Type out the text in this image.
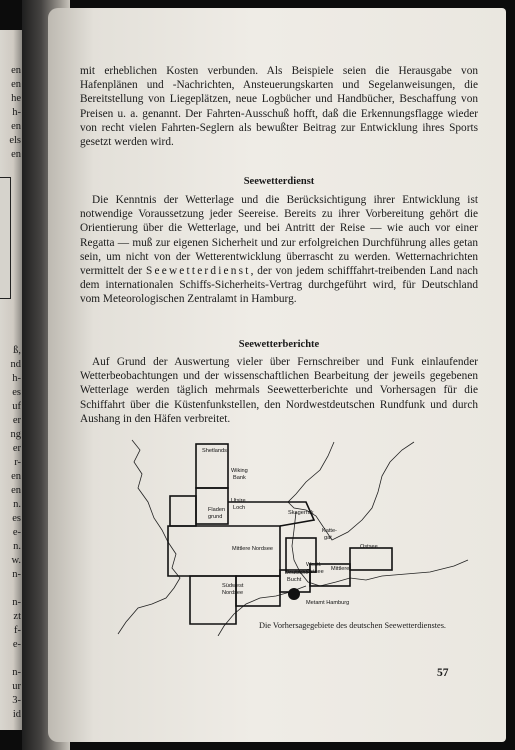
en
en
he
h-
en
els
en

ß,
nd
h-
es
uf
er
ng
er
r-
en
en
n.
es
e-
n.
w.
n-

n-
zt
f-
e-

n-
ur
3-
id

mit erheblichen Kosten verbunden. Als Beispiele seien die Herausgabe von Hafenplänen und -Nachrichten, Ansteuerungskarten und Segelanweisungen, die Bereitstellung von Liegeplätzen, neue Logbücher und Handbücher, Beschaffung von Preisen u. a. genannt. Der Fahrten-Ausschuß hofft, daß die Erkennungsflagge wieder von recht vielen Fahrten-Seglern als bewußter Beitrag zur Entwicklung ihres Sports gesetzt werden wird.

Seewetterdienst

Die Kenntnis der Wetterlage und die Berücksichtigung ihrer Entwicklung ist notwendige Voraussetzung jeder Seereise. Bereits zu ihrer Vorbereitung gehört die Orientierung über die Wetterlage, und bei Antritt der Reise — wie auch vor einer Regatta — muß zur eigenen Sicherheit und zur erfolgreichen Durchführung alles getan sein, um nicht von der Wetterentwicklung überrascht zu werden. Wetternachrichten vermittelt der Seewetterdienst, der von jedem schifffahrt-treibenden Land nach dem internationalen Schiffs-Sicherheits-Vertrag durchgeführt wird, für Deutschland vom Meteorologischen Zentralamt in Hamburg.

Seewetterberichte

Auf Grund der Auswertung vieler über Fernschreiber und Funk einlaufender Wetterbeobachtungen und der wissenschaftlichen Bearbeitung der jeweils gegebenen Wetterlage werden täglich mehrmals Seewetterberichte und Vorhersagen für die Schiffahrt über die Küstenfunkstellen, den Nordwestdeutschen Rundfunk und durch Aushang in den Häfen verbreitet.

Shetlands
Wiking
Bank
Utsire
Loch
Fladen
grund
Skagerrak
Katte-
gat
Ostsee
Mittlere Nordsee
Westl.
Ostsee Mittlere
Deutsche
Bucht
Südwest
Nordsee
Metamt Hamburg
Die Vorhersagegebiete des deutschen Seewetterdienstes.
57
